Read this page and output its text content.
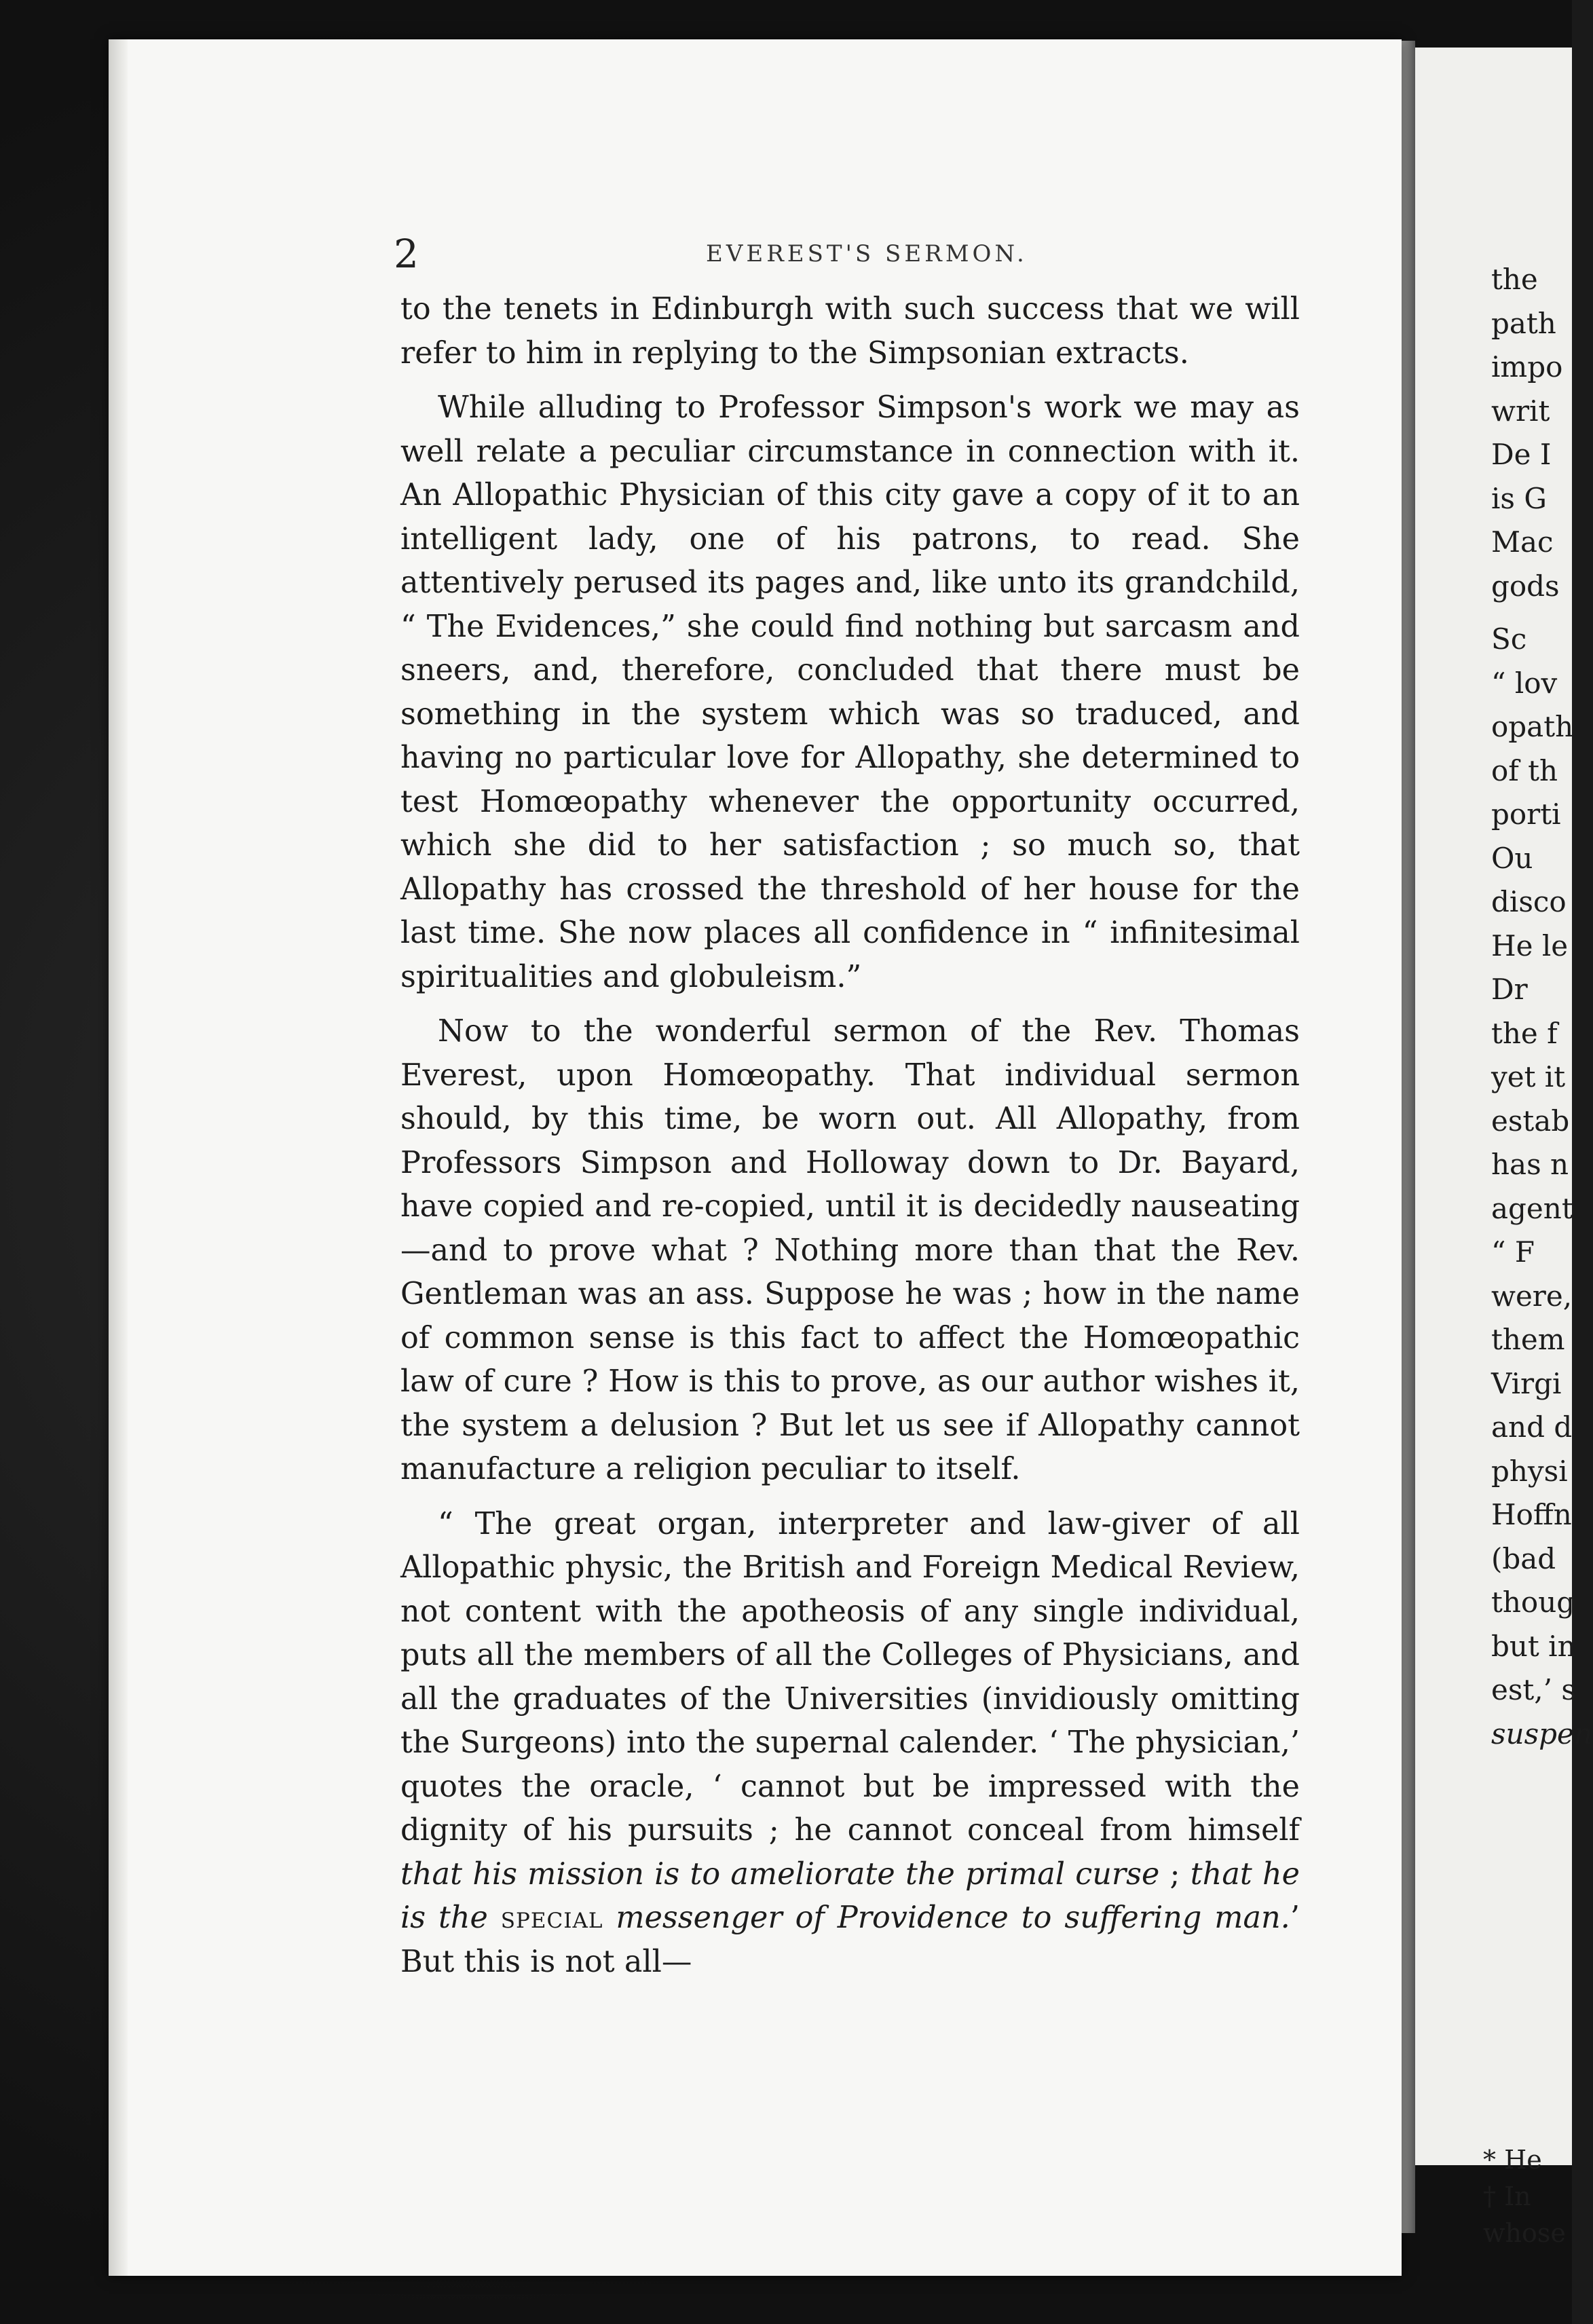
2	EVEREST'S SERMON.

to the tenets in Edinburgh with such success that we will refer to him in replying to the Simpsonian extracts.

While alluding to Professor Simpson's work we may as well relate a peculiar circumstance in connection with it. An Allopathic Physician of this city gave a copy of it to an intelligent lady, one of his patrons, to read. She attentively perused its pages and, like unto its grandchild, “ The Evidences,” she could find nothing but sarcasm and sneers, and, therefore, concluded that there must be something in the system which was so traduced, and having no particular love for Allopathy, she determined to test Homœopathy whenever the opportunity occurred, which she did to her satisfaction ; so much so, that Allopathy has crossed the threshold of her house for the last time. She now places all confidence in “ infinitesimal spiritualities and globuleism.”

Now to the wonderful sermon of the Rev. Thomas Everest, upon Homœopathy. That individual sermon should, by this time, be worn out. All Allopathy, from Professors Simpson and Holloway down to Dr. Bayard, have copied and re-copied, until it is decidedly nauseating—and to prove what ? Nothing more than that the Rev. Gentleman was an ass. Suppose he was ; how in the name of common sense is this fact to affect the Homœopathic law of cure ? How is this to prove, as our author wishes it, the system a delusion ? But let us see if Allopathy cannot manufacture a religion peculiar to itself.

“ The great organ, interpreter and law-giver of all Allopathic physic, the British and Foreign Medical Review, not content with the apotheosis of any single individual, puts all the members of all the Colleges of Physicians, and all the graduates of the Universities (invidiously omitting the Surgeons) into the supernal calender. ‘ The physician,’ quotes the oracle, ‘ cannot but be impressed with the dignity of his pursuits ; he cannot conceal from himself that his mission is to ameliorate the primal curse ; that he is the special messenger of Providence to suffering man.’ But this is not all—

the
path
impo
writ
De I
is G
Mac
gods
Sc
“ lov
opath
of th
porti
Ou
disco
He le
Dr
the f
yet it
estab
has n
agent
“ F
were,
them
Virgi
and d
physi
Hoffn
(bad
thoug
but in
est,’ s
suspen
* He
† In
whose
